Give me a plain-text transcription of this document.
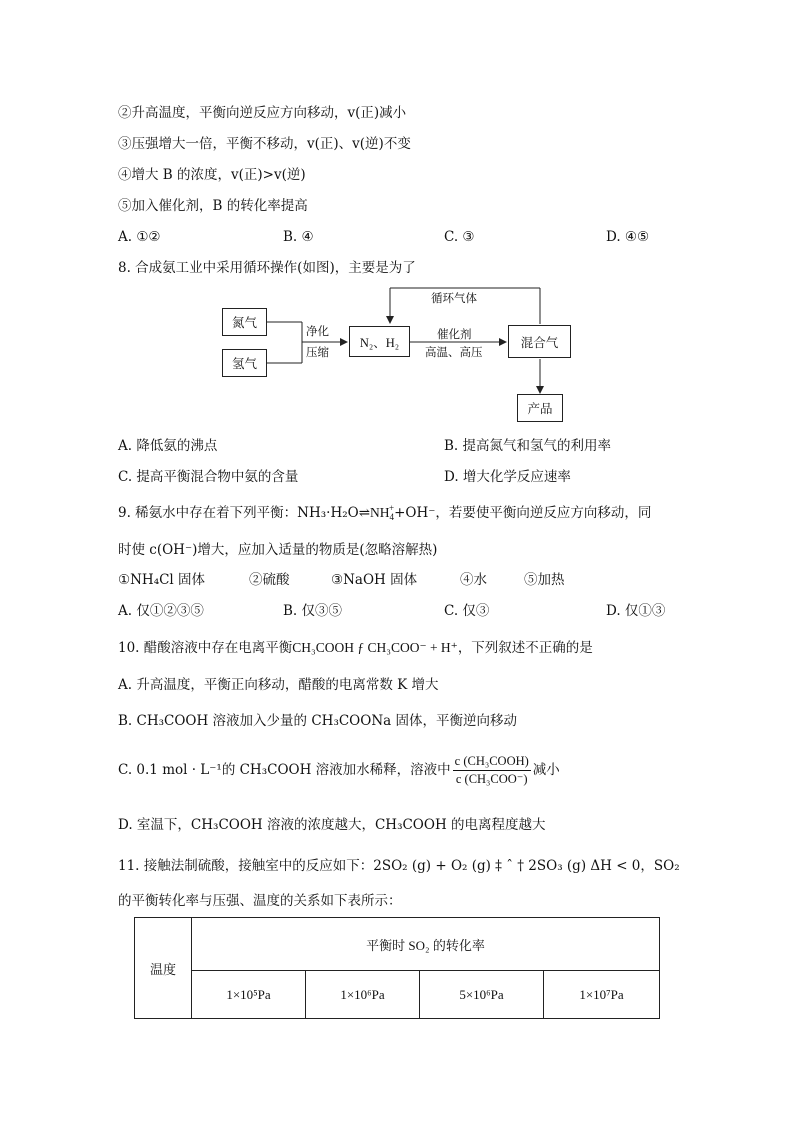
②升高温度，平衡向逆反应方向移动，v(正)减小
③压强增大一倍，平衡不移动，v(正)、v(逆)不变
④增大 B 的浓度，v(正)>v(逆)
⑤加入催化剂，B 的转化率提高
A. ①②	B. ④	C. ③	D. ④⑤
8. 合成氨工业中采用循环操作(如图)，主要是为了
氮气
氢气
N₂、H₂	混合气
产品
净化
压缩
催化剂
高温、高压
循环气体
A. 降低氨的沸点	B. 提高氮气和氢气的利用率
C. 提高平衡混合物中氨的含量	D. 增大化学反应速率
9. 稀氨水中存在着下列平衡：$NH_3\cdot H_2O\rightleftharpoons NH_4^++OH^-$，若要使平衡向逆反应方向移动，同
时使 c(OH⁻)增大，应加入适量的物质是(忽略溶解热)
①NH₄Cl 固体	②硫酸	③NaOH 固体	④水	⑤加热
A. 仅①②③⑤	B. 仅③⑤	C. 仅③	D. 仅①③
10. 醋酸溶液中存在电离平衡CH₃COOH ƒ CH₃COO⁻ + H⁺，下列叙述不正确的是
A. 升高温度，平衡正向移动，醋酸的电离常数 K 增大
B. CH₃COOH 溶液加入少量的 CH₃COONa 固体，平衡逆向移动
C. 0.1 mol · L⁻¹的 CH₃COOH 溶液加水稀释，溶液中 $\frac{\text{c (CH₃COOH)}}{\text{c (CH₃COO⁻)}}$ 减小
D. 室温下，CH₃COOH 溶液的浓度越大，CH₃COOH 的电离程度越大
11. 接触法制硫酸，接触室中的反应如下：2SO₂ (g) + O₂ (g) ‡ ˆ † 2SO₃ (g) ΔH < 0，SO₂
的平衡转化率与压强、温度的关系如下表所示：
温度	平衡时 SO₂ 的转化率			
	1×10⁵Pa	1×10⁶Pa	5×10⁶Pa	1×10⁷Pa
